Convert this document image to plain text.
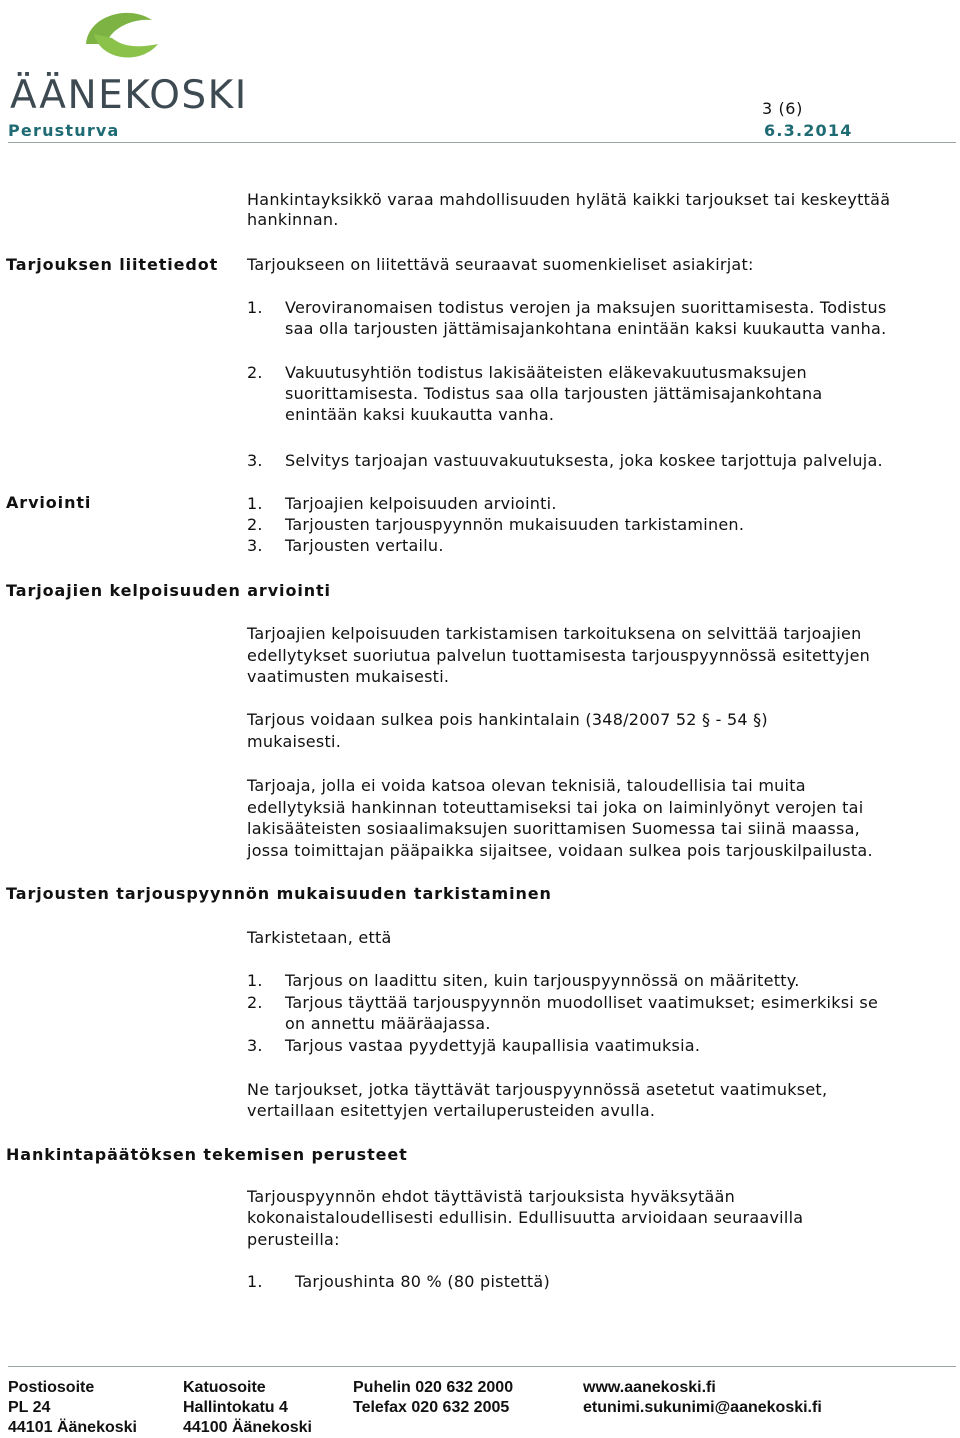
ÄÄNEKOSKI	3 (6)
Perusturva	6.3.2014
Hankintayksikkö varaa mahdollisuuden hylätä kaikki tarjoukset tai keskeyttää
hankinnan.
Tarjouksen liitetiedot Tarjoukseen on liitettävä seuraavat suomenkieliset asiakirjat:
1. Veroviranomaisen todistus verojen ja maksujen suorittamisesta. Todistus
saa olla tarjousten jättämisajankohtana enintään kaksi kuukautta vanha.
2. Vakuutusyhtiön todistus lakisääteisten eläkevakuutusmaksujen
suorittamisesta. Todistus saa olla tarjousten jättämisajankohtana
enintään kaksi kuukautta vanha.
3. Selvitys tarjoajan vastuuvakuutuksesta, joka koskee tarjottuja palveluja.
Arviointi	1. Tarjoajien kelpoisuuden arviointi.
2. Tarjousten tarjouspyynnön mukaisuuden tarkistaminen.
3. Tarjousten vertailu.
Tarjoajien kelpoisuuden arviointi
Tarjoajien kelpoisuuden tarkistamisen tarkoituksena on selvittää tarjoajien
edellytykset suoriutua palvelun tuottamisesta tarjouspyynnössä esitettyjen
vaatimusten mukaisesti.
Tarjous voidaan sulkea pois hankintalain (348/2007 52 § - 54 §)
mukaisesti.
Tarjoaja, jolla ei voida katsoa olevan teknisiä, taloudellisia tai muita
edellytyksiä hankinnan toteuttamiseksi tai joka on laiminlyönyt verojen tai
lakisääteisten sosiaalimaksujen suorittamisen Suomessa tai siinä maassa,
jossa toimittajan pääpaikka sijaitsee, voidaan sulkea pois tarjouskilpailusta.
Tarjousten tarjouspyynnön mukaisuuden tarkistaminen
Tarkistetaan, että
1. Tarjous on laadittu siten, kuin tarjouspyynnössä on määritetty.
2. Tarjous täyttää tarjouspyynnön muodolliset vaatimukset; esimerkiksi se
on annettu määräajassa.
3. Tarjous vastaa pyydettyjä kaupallisia vaatimuksia.
Ne tarjoukset, jotka täyttävät tarjouspyynnössä asetetut vaatimukset,
vertaillaan esitettyjen vertailuperusteiden avulla.
Hankintapäätöksen tekemisen perusteet
Tarjouspyynnön ehdot täyttävistä tarjouksista hyväksytään
kokonaistaloudellisesti edullisin. Edullisuutta arvioidaan seuraavilla
perusteilla:
1. Tarjoushinta 80 % (80 pistettä)
Postiosoite
PL 24
44101 Äänekoski
Katuosoite
Hallintokatu 4
44100 Äänekoski
Puhelin 020 632 2000
Telefax 020 632 2005
www.aanekoski.fi
etunimi.sukunimi@aanekoski.fi
